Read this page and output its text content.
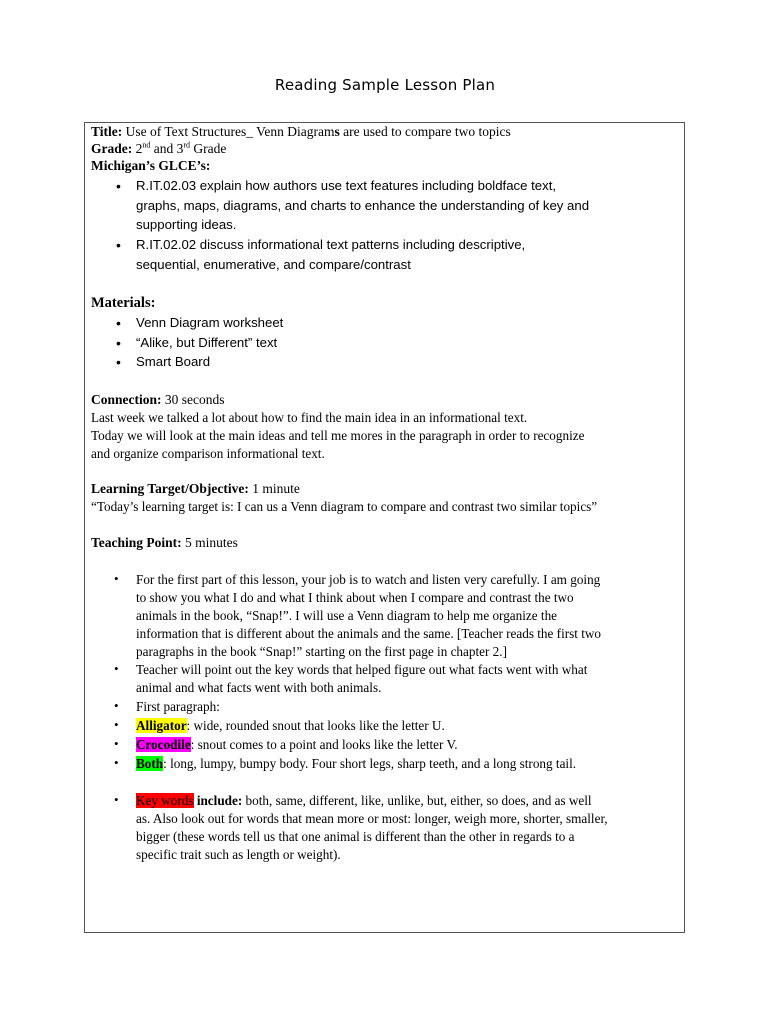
Reading Sample Lesson Plan
Title: Use of Text Structures_ Venn Diagrams are used to compare two topics
Grade: 2nd and 3rd Grade
Michigan’s GLCE’s:
• R.IT.02.03 explain how authors use text features including boldface text,
graphs, maps, diagrams, and charts to enhance the understanding of key and
supporting ideas.
• R.IT.02.02 discuss informational text patterns including descriptive,
sequential, enumerative, and compare/contrast
Materials:
• Venn Diagram worksheet
• “Alike, but Different” text
• Smart Board
Connection: 30 seconds
Last week we talked a lot about how to find the main idea in an informational text.
Today we will look at the main ideas and tell me mores in the paragraph in order to recognize
and organize comparison informational text.
Learning Target/Objective: 1 minute
“Today’s learning target is: I can us a Venn diagram to compare and contrast two similar topics”
Teaching Point: 5 minutes
• For the first part of this lesson, your job is to watch and listen very carefully. I am going
to show you what I do and what I think about when I compare and contrast the two
animals in the book, “Snap!”. I will use a Venn diagram to help me organize the
information that is different about the animals and the same. [Teacher reads the first two
paragraphs in the book “Snap!” starting on the first page in chapter 2.]
• Teacher will point out the key words that helped figure out what facts went with what
animal and what facts went with both animals.
• First paragraph:
• Alligator: wide, rounded snout that looks like the letter U.
• Crocodile: snout comes to a point and looks like the letter V.
• Both: long, lumpy, bumpy body. Four short legs, sharp teeth, and a long strong tail.
• Key words include: both, same, different, like, unlike, but, either, so does, and as well
as. Also look out for words that mean more or most: longer, weigh more, shorter, smaller,
bigger (these words tell us that one animal is different than the other in regards to a
specific trait such as length or weight).
